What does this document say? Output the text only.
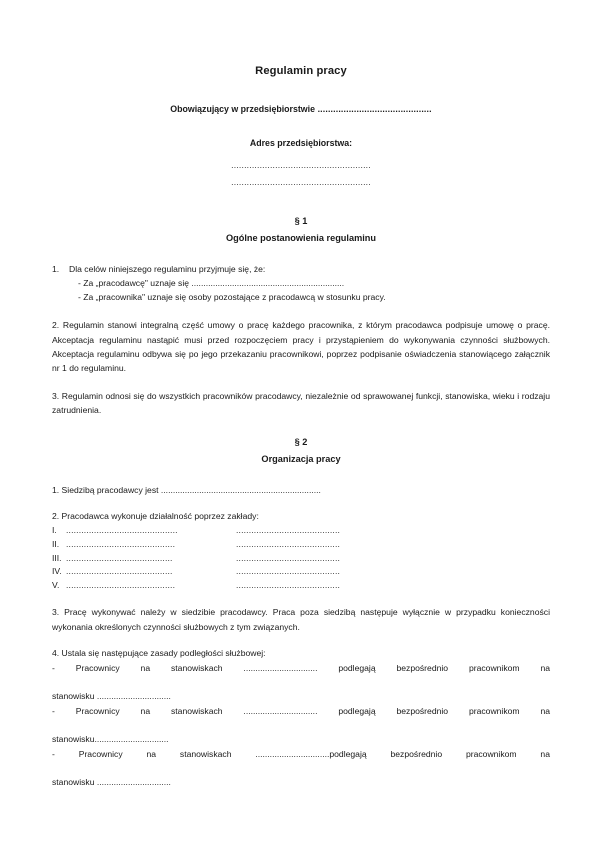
Regulamin pracy

Obowiązujący w przedsiębiorstwie ............................................

Adres przedsiębiorstwa:

......................................................

......................................................

§ 1

Ogólne postanowienia regulaminu

1.	Dla celów niniejszego regulaminu przyjmuje się, że:

- Za „pracodawcę" uznaje się ................................................................

- Za „pracownika" uznaje się osoby pozostające z pracodawcą w stosunku pracy.

2. Regulamin stanowi integralną część umowy o pracę każdego pracownika, z którym pracodawca podpisuje umowę o pracę. Akceptacja regulaminu nastąpić musi przed rozpoczęciem pracy i przystąpieniem do wykonywania czynności służbowych. Akceptacja regulaminu odbywa się po jego przekazaniu pracownikowi, poprzez podpisanie oświadczenia stanowiącego załącznik nr 1 do regulaminu.

3. Regulamin odnosi się do wszystkich pracowników pracodawcy, niezależnie od sprawowanej funkcji, stanowiska, wieku i rodzaju zatrudnienia.

§ 2

Organizacja pracy

1. Siedzibą pracodawcy jest ...................................................................

2. Pracodawca wykonuje działalność poprzez zakłady:

I.	............................................	.........................................
II. ...........................................	.........................................
III. ..........................................	.........................................
IV. ..........................................	.........................................
V. ...........................................	.........................................

3. Pracę wykonywać należy w siedzibie pracodawcy. Praca poza siedzibą następuje wyłącznie w przypadku konieczności wykonania określonych czynności służbowych z tym związanych.

4. Ustala się następujące zasady podległości służbowej:

- Pracownicy na stanowiskach ............................... podlegają bezpośrednio pracownikom na

stanowisku ...............................

- Pracownicy na stanowiskach ............................... podlegają bezpośrednio pracownikom na

stanowisku...............................

- Pracownicy na stanowiskach ...............................podlegają bezpośrednio pracownikom na

stanowisku ...............................
